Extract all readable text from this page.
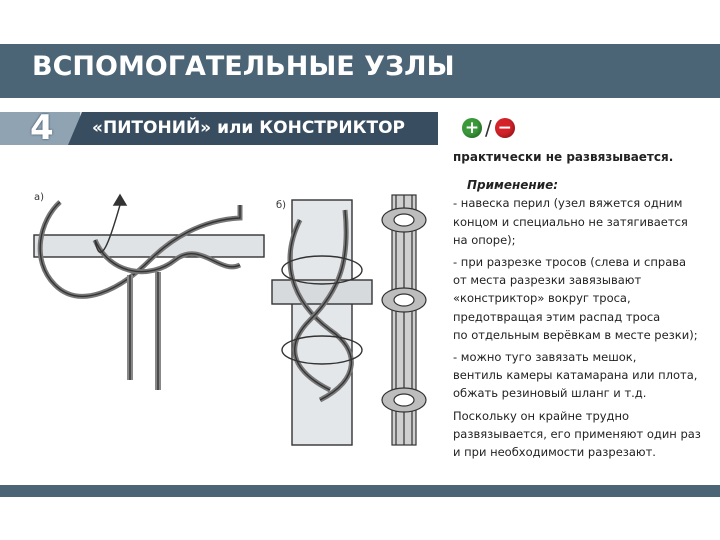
ВСПОМОГАТЕЛЬНЫЕ УЗЛЫ
4 «ПИТОНИЙ» или КОНСТРИКТОР	+ / −

практически не развязывается.

Применение:

- навеска перил (узел вяжется одним
концом и специально не затягивается
на опоре);

- при разрезке тросов (слева и справа
от места разрезки завязывают
«констриктор» вокруг троса,
предотвращая этим распад троса
по отдельным верёвкам в месте резки);

- можно туго завязать мешок,
вентиль камеры катамарана или плота,
обжать резиновый шланг и т.д.

Поскольку он крайне трудно
развязывается, его применяют один раз
и при необходимости разрезают.

а)
б)
